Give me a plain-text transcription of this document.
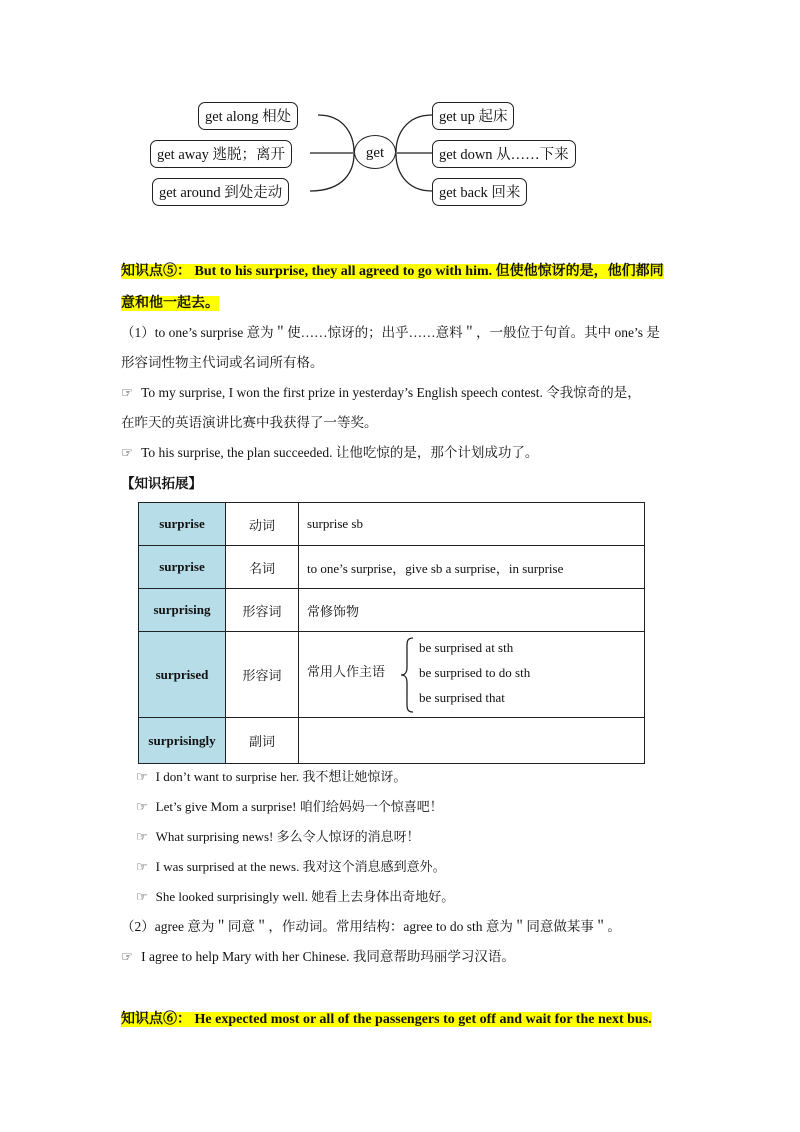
get along 相处
get away 逃脱；离开
get around 到处走动
get
get up 起床
get down 从……下来
get back 回来
知识点⑤： But to his surprise, they all agreed to go with him. 但使他惊讶的是，他们都同
意和他一起去。
（1）to one’s surprise 意为＂使……惊讶的；出乎……意料＂，一般位于句首。其中 one’s 是
形容词性物主代词或名词所有格。
☞ To my surprise, I won the first prize in yesterday’s English speech contest. 令我惊奇的是，
在昨天的英语演讲比赛中我获得了一等奖。
☞ To his surprise, the plan succeeded. 让他吃惊的是，那个计划成功了。
【知识拓展】
surprise	动词	surprise sb
surprise	名词	to one’s surprise，give sb a surprise，in surprise
surprising	形容词	常修饰物
surprised	形容词	常用人作主语
be surprised at sth
be surprised to do sth
be surprised that

surprisingly	副词	
☞ I don’t want to surprise her. 我不想让她惊讶。
☞ Let’s give Mom a surprise! 咱们给妈妈一个惊喜吧！
☞ What surprising news! 多么令人惊讶的消息呀！
☞ I was surprised at the news. 我对这个消息感到意外。
☞ She looked surprisingly well. 她看上去身体出奇地好。
（2）agree 意为＂同意＂，作动词。常用结构：agree to do sth 意为＂同意做某事＂。
☞ I agree to help Mary with her Chinese. 我同意帮助玛丽学习汉语。
知识点⑥： He expected most or all of the passengers to get off and wait for the next bus.
